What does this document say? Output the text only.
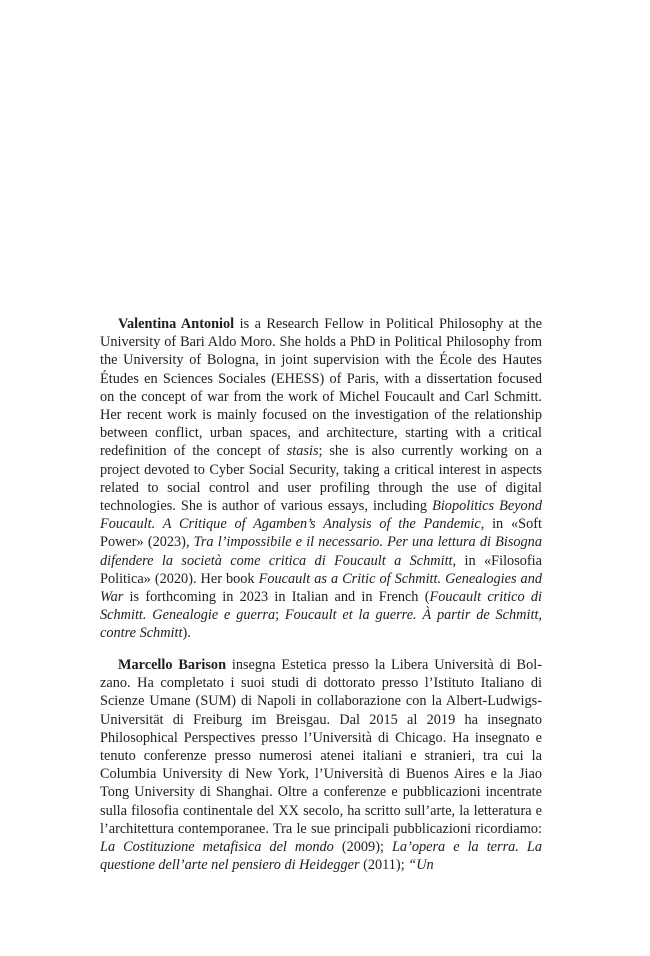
Valentina Antoniol is a Research Fellow in Political Philosophy at the University of Bari Aldo Moro. She holds a PhD in Political Philosophy from the University of Bologna, in joint supervision with the École des Hautes Études en Sciences Sociales (EHESS) of Paris, with a dissertation focused on the concept of war from the work of Michel Foucault and Carl Schmitt. Her recent work is mainly focused on the investigation of the relationship between conflict, urban spaces, and architecture, starting with a critical redefinition of the concept of stasis; she is also currently working on a project devoted to Cyber Social Security, taking a critical interest in aspects related to social control and user profiling through the use of digital technologies. She is author of various essays, including Biopolitics Beyond Foucault. A Critique of Agamben’s Analysis of the Pandemic, in «Soft Power» (2023), Tra l’impossibile e il necessario. Per una lettura di Bisogna difendere la società come critica di Foucault a Schmitt, in «Filosofia Politica» (2020). Her book Foucault as a Critic of Schmitt. Genealogies and War is forthcoming in 2023 in Italian and in French (Foucault critico di Schmitt. Genealogie e guerra; Foucault et la guerre. À partir de Schmitt, contre Schmitt).

Marcello Barison insegna Estetica presso la Libera Università di Bolzano. Ha completato i suoi studi di dottorato presso l’Istituto Italiano di Scienze Umane (SUM) di Napoli in collaborazione con la Albert-Ludwigs-Universität di Freiburg im Breisgau. Dal 2015 al 2019 ha insegnato Philosophical Perspectives presso l’Università di Chicago. Ha insegnato e tenuto conferenze presso numerosi atenei italiani e stranieri, tra cui la Columbia University di New York, l’Università di Buenos Aires e la Jiao Tong University di Shanghai. Oltre a conferenze e pubblicazioni incentrate sulla filosofia continentale del XX secolo, ha scritto sull’arte, la letteratura e l’architettura contemporanee. Tra le sue principali pubblicazioni ricordiamo: La Costituzione metafisica del mondo (2009); La’opera e la terra. La questione dell’arte nel pensiero di Heidegger (2011); “Un
